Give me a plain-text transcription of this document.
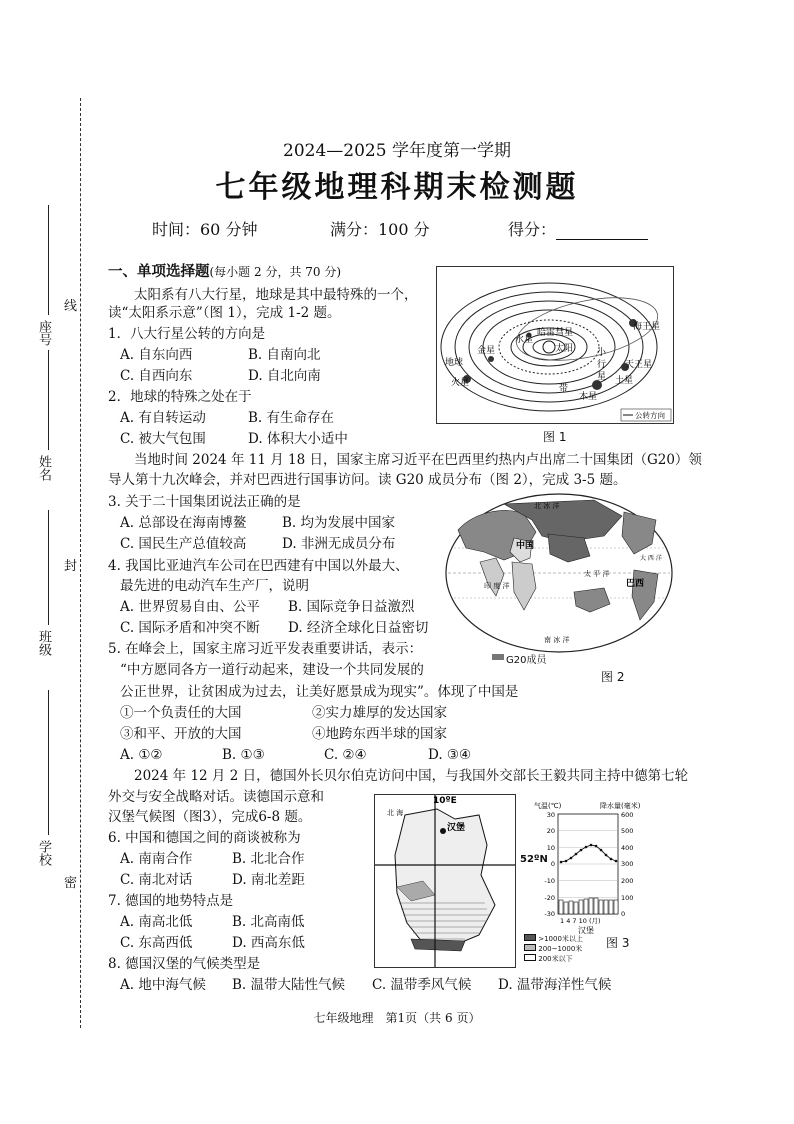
座号
线
姓名
封
班级
学校
密
2024—2025 学年度第一学期
七年级地理科期末检测题
时间：60 分钟	满分：100 分	得分：
一、单项选择题(每小题 2 分，共 70 分)
太阳系有八大行星，地球是其中最特殊的一个，
读“太阳系示意”（图 1），完成 1-2 题。
1．八大行星公转的方向是
A. 自东向西	B. 自南向北
C. 自西向东	D. 自北向南
2．地球的特殊之处在于
A. 有自转运动	B. 有生命存在
C. 被大气包围	D. 体积大小适中
太阳
哈雷彗星
水星
金星
地球
火星
小
行
星
带
木星
土星
天王星
海王星
公转方向
图 1
当地时间 2024 年 11 月 18 日，国家主席习近平在巴西里约热内卢出席二十国集团（G20）领
导人第十九次峰会，并对巴西进行国事访问。读 G20 成员分布（图 2），完成 3-5 题。
3. 关于二十国集团说法正确的是
A. 总部设在海南博鳌	B. 均为发展中国家
C. 国民生产总值较高	D. 非洲无成员分布
4. 我国比亚迪汽车公司在巴西建有中国以外最大、
最先进的电动汽车生产厂，说明
A. 世界贸易自由、公平 B. 国际竞争日益激烈
C. 国际矛盾和冲突不断 D. 经济全球化日益密切
北 冰 洋
中国
巴西
太 平 洋
印 度 洋
大 西 洋
南 冰 洋
G20成员
图 2
5. 在峰会上，国家主席习近平发表重要讲话，表示：
“中方愿同各方一道行动起来，建设一个共同发展的
公正世界，让贫困成为过去，让美好愿景成为现实”。体现了中国是
①一个负责任的大国	②实力雄厚的发达国家
③和平、开放的大国	④地跨东西半球的国家
A. ①②	B. ①③	C. ②④	D. ③④
2024 年 12 月 2 日，德国外长贝尔伯克访问中国，与我国外交部长王毅共同主持中德第七轮
外交与安全战略对话。读德国示意和
汉堡气候图（图3），完成6-8 题。
6. 中国和德国之间的商谈被称为
A. 南南合作	B. 北北合作
C. 南北对话	D. 南北差距
7. 德国的地势特点是
A. 南高北低	B. 北高南低
C. 东高西低	D. 西高东低
8. 德国汉堡的气候类型是
A. 地中海气候 B. 温带大陆性气候 C. 温带季风气候 D. 温带海洋性气候
10ºE
汉堡
北 海
52ºN
气温(℃)	降水量(毫米)
30
20
10
0
-10
-20
-30
600
500
400
300
200
100
0
1 4 7 10 (月)
汉堡
>1000米以上
200~1000米
200米以下
图 3
七年级地理　第1页（共 6 页）
